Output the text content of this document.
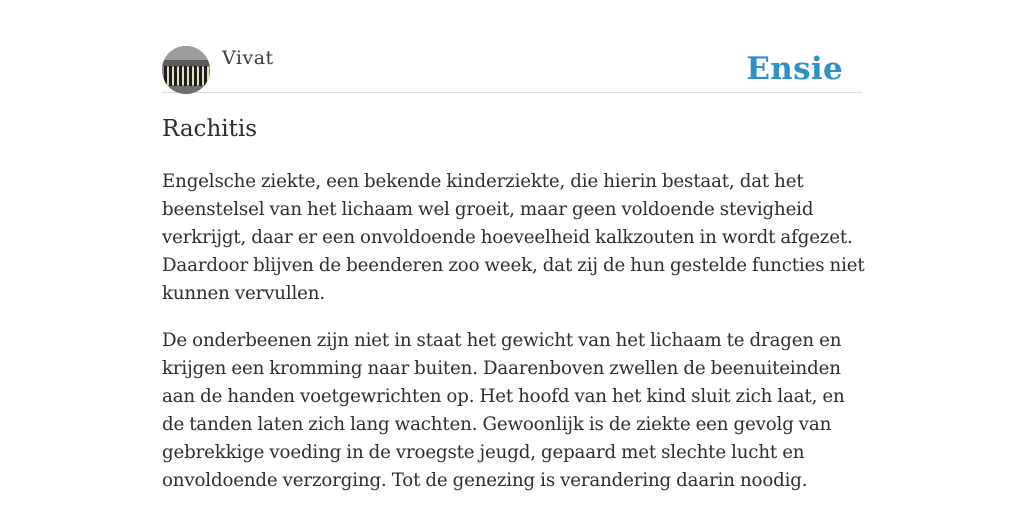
Vivat	Ensie
Rachitis

Engelsche ziekte, een bekende kinderziekte, die hierin bestaat, dat het beenstelsel van het lichaam wel groeit, maar geen voldoende stevigheid verkrijgt, daar er een onvoldoende hoeveelheid kalkzouten in wordt afgezet. Daardoor blijven de beenderen zoo week, dat zij de hun gestelde functies niet kunnen vervullen.

De onderbeenen zijn niet in staat het gewicht van het lichaam te dragen en krijgen een kromming naar buiten. Daarenboven zwellen de beenuiteinden aan de handen voetgewrichten op. Het hoofd van het kind sluit zich laat, en de tanden laten zich lang wachten. Gewoonlijk is de ziekte een gevolg van gebrekkige voeding in de vroegste jeugd, gepaard met slechte lucht en onvoldoende verzorging. Tot de genezing is verandering daarin noodig.
